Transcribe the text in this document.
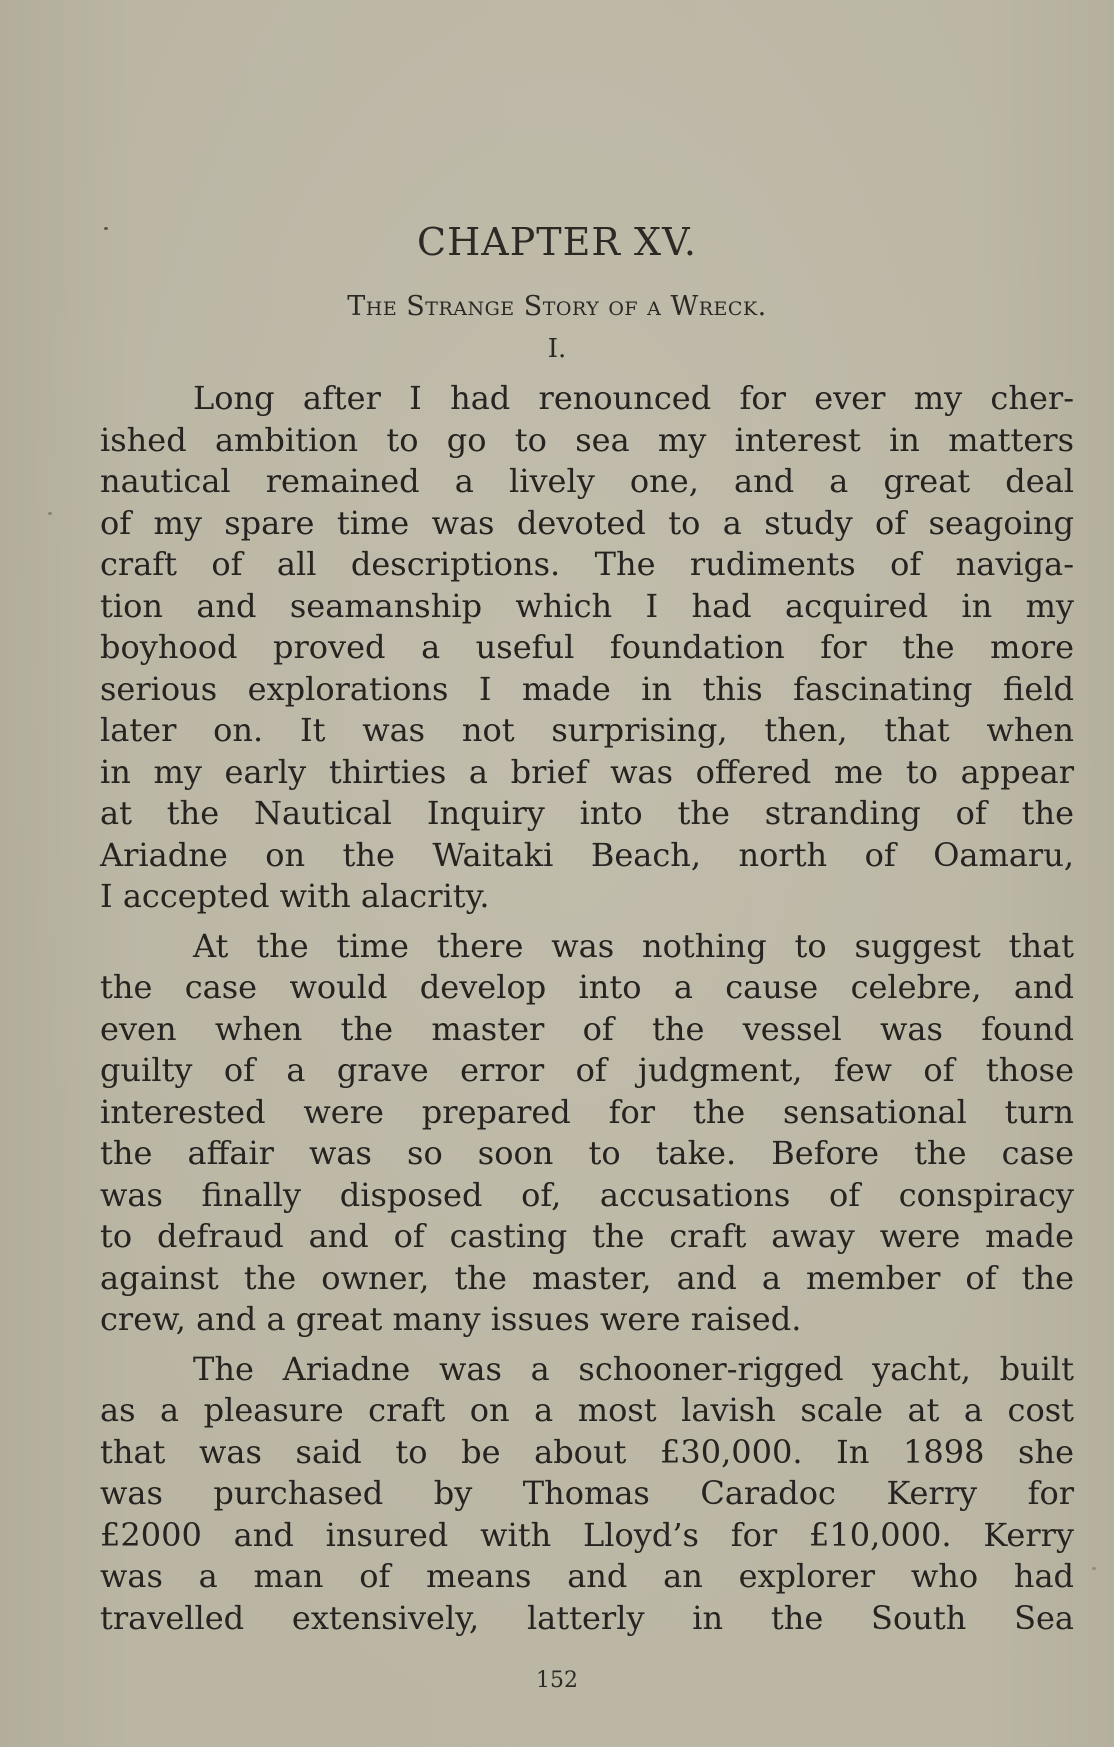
CHAPTER XV.
The Strange Story of a Wreck.
I.
Long after I had renounced for ever my cher-
ished ambition to go to sea my interest in matters
nautical remained a lively one, and a great deal
of my spare time was devoted to a study of seagoing
craft of all descriptions. The rudiments of naviga-
tion and seamanship which I had acquired in my
boyhood proved a useful foundation for the more
serious explorations I made in this fascinating field
later on. It was not surprising, then, that when
in my early thirties a brief was offered me to appear
at the Nautical Inquiry into the stranding of the
Ariadne on the Waitaki Beach, north of Oamaru,
I accepted with alacrity.
At the time there was nothing to suggest that
the case would develop into a cause celebre, and
even when the master of the vessel was found
guilty of a grave error of judgment, few of those
interested were prepared for the sensational turn
the affair was so soon to take. Before the case
was finally disposed of, accusations of conspiracy
to defraud and of casting the craft away were made
against the owner, the master, and a member of the
crew, and a great many issues were raised.
The Ariadne was a schooner-rigged yacht, built
as a pleasure craft on a most lavish scale at a cost
that was said to be about £30,000. In 1898 she
was purchased by Thomas Caradoc Kerry for
£2000 and insured with Lloyd’s for £10,000. Kerry
was a man of means and an explorer who had
travelled extensively, latterly in the South Sea
152
